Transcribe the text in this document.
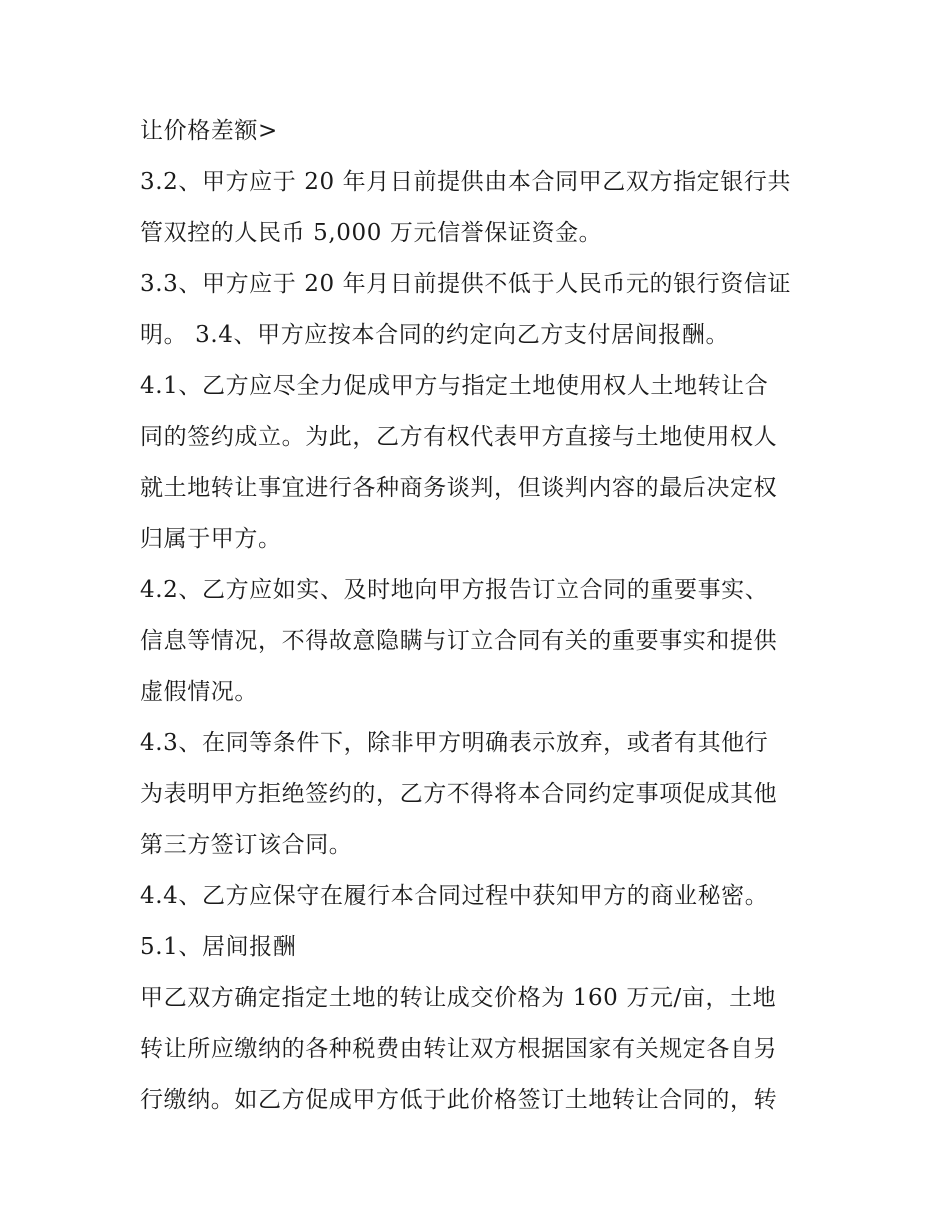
让价格差额>
3.2、甲方应于 20 年月日前提供由本合同甲乙双方指定银行共
管双控的人民币 5,000 万元信誉保证资金。
3.3、甲方应于 20 年月日前提供不低于人民币元的银行资信证
明。 3.4、甲方应按本合同的约定向乙方支付居间报酬。
4.1、乙方应尽全力促成甲方与指定土地使用权人土地转让合
同的签约成立。为此，乙方有权代表甲方直接与土地使用权人
就土地转让事宜进行各种商务谈判，但谈判内容的最后决定权
归属于甲方。
4.2、乙方应如实、及时地向甲方报告订立合同的重要事实、
信息等情况，不得故意隐瞒与订立合同有关的重要事实和提供
虚假情况。
4.3、在同等条件下，除非甲方明确表示放弃，或者有其他行
为表明甲方拒绝签约的，乙方不得将本合同约定事项促成其他
第三方签订该合同。
4.4、乙方应保守在履行本合同过程中获知甲方的商业秘密。
5.1、居间报酬
甲乙双方确定指定土地的转让成交价格为 160 万元/亩，土地
转让所应缴纳的各种税费由转让双方根据国家有关规定各自另
行缴纳。如乙方促成甲方低于此价格签订土地转让合同的，转
